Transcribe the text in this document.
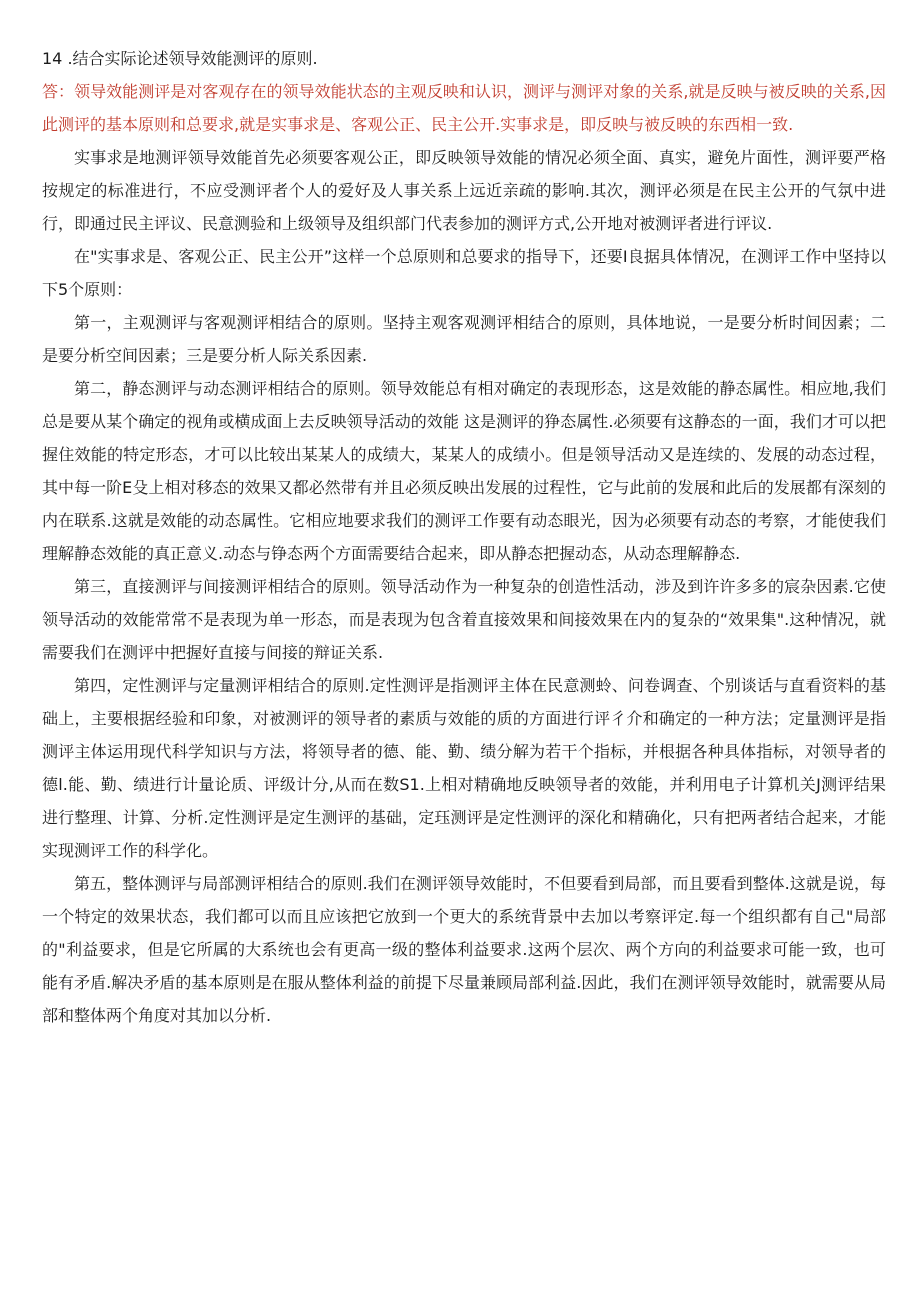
14 .结合实际论述领导效能测评的原则.

答：领导效能测评是对客观存在的领导效能状态的主观反映和认识，测评与测评对象的关系,就是反映与被反映的关系,因此测评的基本原则和总要求,就是实事求是、客观公正、民主公开.实事求是，即反映与被反映的东西相一致.

实事求是地测评领导效能首先必须要客观公正，即反映领导效能的情况必须全面、真实，避免片面性，测评要严格按规定的标准进行，不应受测评者个人的爱好及人事关系上远近亲疏的影响.其次，测评必须是在民主公开的气氛中进行，即通过民主评议、民意测验和上级领导及组织部门代表参加的测评方式,公开地对被测评者进行评议.

在"实事求是、客观公正、民主公开”这样一个总原则和总要求的指导下，还要I良据具体情况，在测评工作中坚持以下5个原则：

第一，主观测评与客观测评相结合的原则。坚持主观客观测评相结合的原则，具体地说，一是要分析时间因素；二是要分析空间因素；三是要分析人际关系因素.

第二，静态测评与动态测评相结合的原则。领导效能总有相对确定的表现形态，这是效能的静态属性。相应地,我们总是要从某个确定的视角或横成面上去反映领导活动的效能 这是测评的狰态属性.必须要有这静态的一面，我们才可以把握住效能的特定形态，才可以比较出某某人的成绩大，某某人的成绩小。但是领导活动又是连续的、发展的动态过程，其中每一阶E殳上相对移态的效果又都必然带有并且必须反映出发展的过程性，它与此前的发展和此后的发展都有深刻的内在联系.这就是效能的动态属性。它相应地要求我们的测评工作要有动态眼光，因为必须要有动态的考察，才能使我们理解静态效能的真正意义.动态与铮态两个方面需要结合起来，即从静态把握动态，从动态理解静态.

第三，直接测评与间接测评相结合的原则。领导活动作为一种复杂的创造性活动，涉及到许许多多的宸杂因素.它使领导活动的效能常常不是表现为单一形态，而是表现为包含着直接效果和间接效果在内的复杂的“效果集".这种情况，就需要我们在测评中把握好直接与间接的辩证关系.

第四，定性测评与定量测评相结合的原则.定性测评是指测评主体在民意测蛉、问卷调查、个别谈话与直看资料的基础上，主要根据经验和印象，对被测评的领导者的素质与效能的质的方面进行评彳介和确定的一种方法；定量测评是指测评主体运用现代科学知识与方法，将领导者的德、能、勤、绩分解为若干个指标，并根据各种具体指标，对领导者的德l.能、勤、绩进行计量论质、评级计分,从而在数S1.上相对精确地反映领导者的效能，并利用电子计算机关J测评结果进行整理、计算、分析.定性测评是定生测评的基础，定珏测评是定性测评的深化和精确化，只有把两者结合起来，才能实现测评工作的科学化。

第五，整体测评与局部测评相结合的原则.我们在测评领导效能时，不但要看到局部，而且要看到整体.这就是说，每一个特定的效果状态，我们都可以而且应该把它放到一个更大的系统背景中去加以考察评定.每一个组织都有自己"局部的"利益要求，但是它所属的大系统也会有更高一级的整体利益要求.这两个层次、两个方向的利益要求可能一致，也可能有矛盾.解决矛盾的基本原则是在服从整体利益的前提下尽量兼顾局部利益.因此，我们在测评领导效能时，就需要从局部和整体两个角度对其加以分析.
